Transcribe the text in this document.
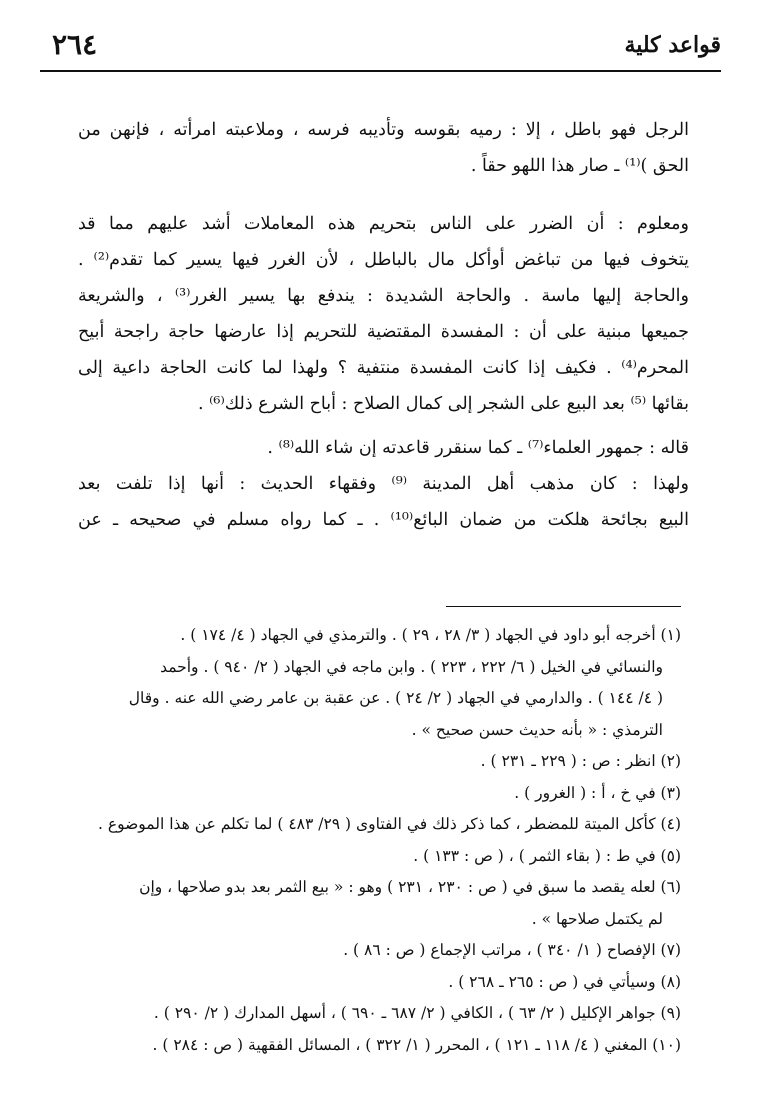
قواعد كلية
٢٦٤
الرجل فهو باطل ، إلا : رميه بقوسه وتأديبه فرسه ، وملاعبته امرأته ، فإنهن من
الحق )⁽¹⁾ ـ صار هذا اللهو حقاً .
ومعلوم : أن الضرر على الناس بتحريم هذه المعاملات أشد عليهم مما قد
يتخوف فيها من تباغض أوأكل مال بالباطل ، لأن الغرر فيها يسير كما تقدم⁽²⁾ .
والحاجة إليها ماسة . والحاجة الشديدة : يندفع بها يسير الغرر⁽³⁾ ، والشريعة
جميعها مبنية على أن : المفسدة المقتضية للتحريم إذا عارضها حاجة راجحة أبيح
المحرم⁽⁴⁾ . فكيف إذا كانت المفسدة منتفية ؟ ولهذا لما كانت الحاجة داعية إلى
بقائها ⁽⁵⁾ بعد البيع على الشجر إلى كمال الصلاح : أباح الشرع ذلك⁽⁶⁾ .
قاله : جمهور العلماء⁽⁷⁾ ـ كما سنقرر قاعدته إن شاء الله⁽⁸⁾ .
ولهذا : كان مذهب أهل المدينة ⁽⁹⁾ وفقهاء الحديث : أنها إذا تلفت بعد
البيع بجائحة هلكت من ضمان البائع⁽¹⁰⁾ . ـ كما رواه مسلم في صحيحه ـ عن
(١) أخرجه أبو داود في الجهاد ( ٣/ ٢٨ ، ٢٩ ) . والترمذي في الجهاد ( ٤/ ١٧٤ ) .
والنسائي في الخيل ( ٦/ ٢٢٢ ، ٢٢٣ ) . وابن ماجه في الجهاد ( ٢/ ٩٤٠ ) . وأحمد
( ٤/ ١٤٤ ) . والدارمي في الجهاد ( ٢/ ٢٤ ) . عن عقبة بن عامر رضي الله عنه . وقال
الترمذي : « بأنه حديث حسن صحيح » .
(٢) انظر : ص : ( ٢٢٩ ـ ٢٣١ ) .
(٣) في خ ، أ : ( الغرور ) .
(٤) كأكل الميتة للمضطر ، كما ذكر ذلك في الفتاوى ( ٢٩/ ٤٨٣ ) لما تكلم عن هذا الموضوع .
(٥) في ط : ( بقاء الثمر ) ، ( ص : ١٣٣ ) .
(٦) لعله يقصد ما سبق في ( ص : ٢٣٠ ، ٢٣١ ) وهو : « بيع الثمر بعد بدو صلاحها ، وإن
لم يكتمل صلاحها » .
(٧) الإفصاح ( ١/ ٣٤٠ ) ، مراتب الإجماع ( ص : ٨٦ ) .
(٨) وسيأتي في ( ص : ٢٦٥ ـ ٢٦٨ ) .
(٩) جواهر الإكليل ( ٢/ ٦٣ ) ، الكافي ( ٢/ ٦٨٧ ـ ٦٩٠ ) ، أسهل المدارك ( ٢/ ٢٩٠ ) .
(١٠) المغني ( ٤/ ١١٨ ـ ١٢١ ) ، المحرر ( ١/ ٣٢٢ ) ، المسائل الفقهية ( ص : ٢٨٤ ) .
